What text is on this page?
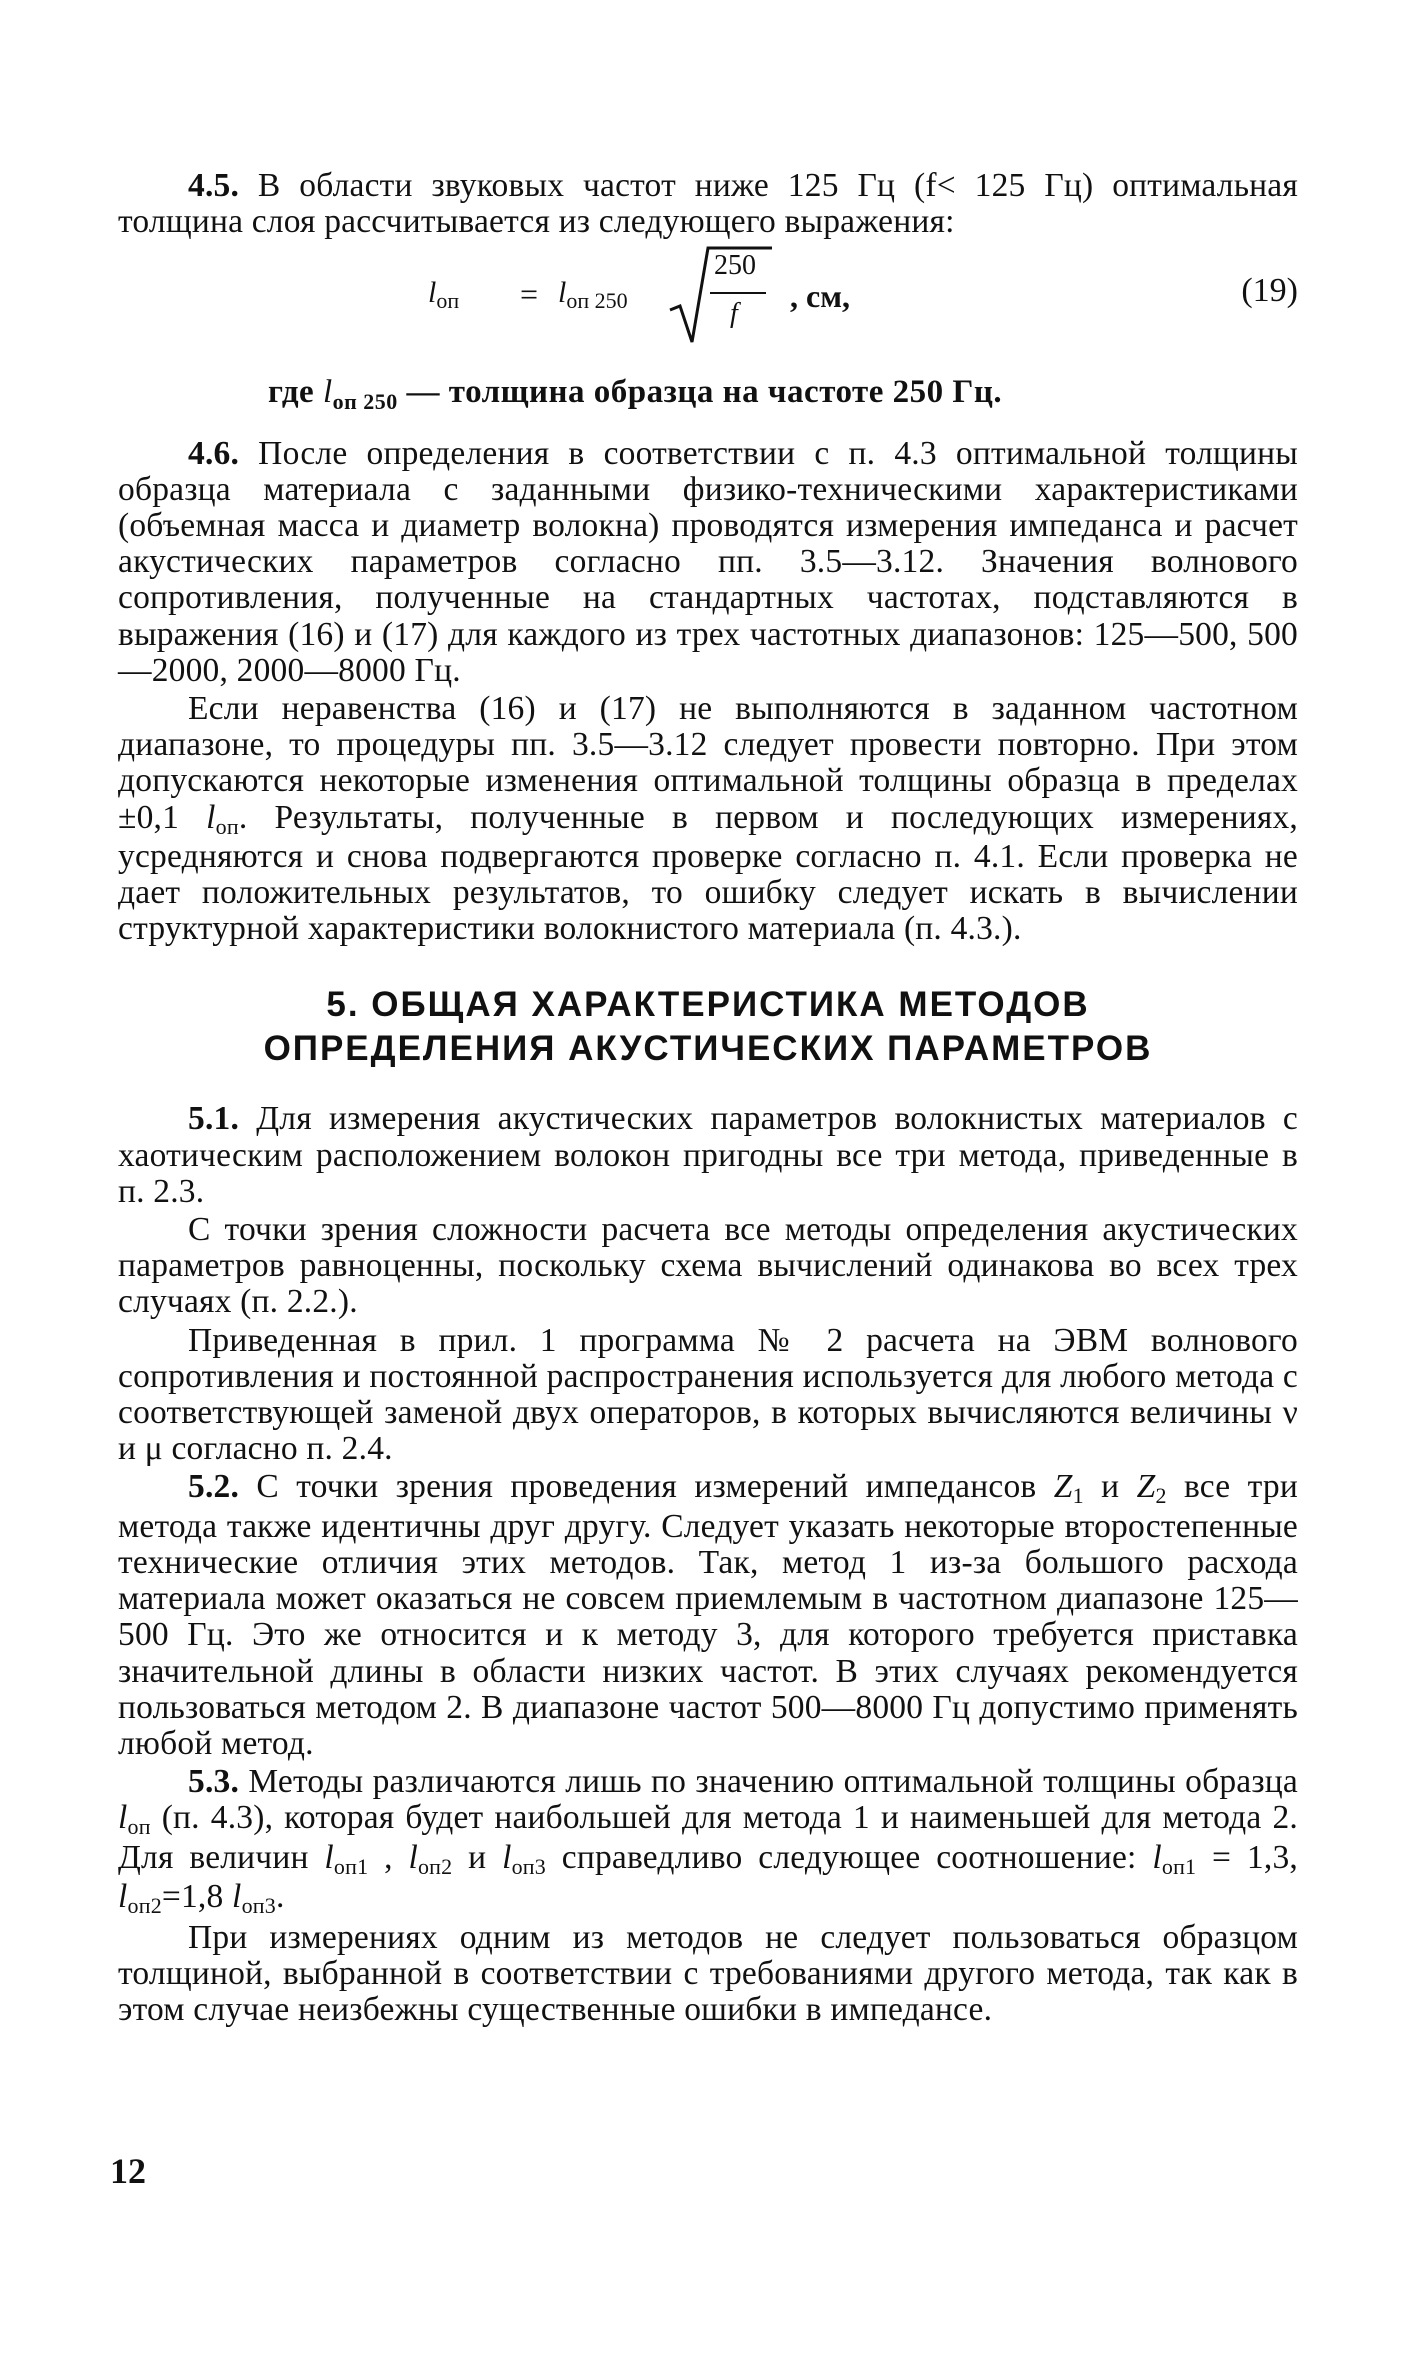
4.5. В области звуковых частот ниже 125 Гц (f< 125 Гц) оптимальная толщина слоя рассчитывается из следующего выражения:

$l_{оп} = l_{оп 250}$
250
f , см,	(19)

где $l_{оп 250}$ — толщина образца на частоте 250 Гц.

4.6. После определения в соответствии с п. 4.3 оптимальной толщины образца материала с заданными физико-техническими характеристиками (объемная масса и диаметр волокна) проводятся измерения импеданса и расчет акустических параметров согласно пп. 3.5—3.12. Значения волнового сопротивления, полученные на стандартных частотах, подставляются в выражения (16) и (17) для каждого из трех частотных диапазонов: 125—500, 500—2000, 2000—8000 Гц.

Если неравенства (16) и (17) не выполняются в заданном частотном диапазоне, то процедуры пп. 3.5—3.12 следует провести повторно. При этом допускаются некоторые изменения оптимальной толщины образца в пределах ±0,1 lоп. Результаты, полученные в первом и последующих измерениях, усредняются и снова подвергаются проверке согласно п. 4.1. Если проверка не дает положительных результатов, то ошибку следует искать в вычислении структурной характеристики волокнистого материала (п. 4.3.).

5. ОБЩАЯ ХАРАКТЕРИСТИКА МЕТОДОВ
ОПРЕДЕЛЕНИЯ АКУСТИЧЕСКИХ ПАРАМЕТРОВ

5.1. Для измерения акустических параметров волокнистых материалов с хаотическим расположением волокон пригодны все три метода, приведенные в п. 2.3.

С точки зрения сложности расчета все методы определения акустических параметров равноценны, поскольку схема вычислений одинакова во всех трех случаях (п. 2.2.).

Приведенная в прил. 1 программа № 2 расчета на ЭВМ волнового сопротивления и постоянной распространения используется для любого метода с соответствующей заменой двух операторов, в которых вычисляются величины ν и μ согласно п. 2.4.

5.2. С точки зрения проведения измерений импедансов Z1 и Z2 все три метода также идентичны друг другу. Следует указать некоторые второстепенные технические отличия этих методов. Так, метод 1 из-за большого расхода материала может оказаться не совсем приемлемым в частотном диапазоне 125—500 Гц. Это же относится и к методу 3, для которого требуется приставка значительной длины в области низких частот. В этих случаях рекомендуется пользоваться методом 2. В диапазоне частот 500—8000 Гц допустимо применять любой метод.

5.3. Методы различаются лишь по значению оптимальной толщины образца lоп (п. 4.3), которая будет наибольшей для метода 1 и наименьшей для метода 2. Для величин lоп1 , lоп2 и lоп3 справедливо следующее соотношение: lоп1 = 1,3, lоп2=1,8 lоп3.

При измерениях одним из методов не следует пользоваться образцом толщиной, выбранной в соответствии с требованиями другого метода, так как в этом случае неизбежны существенные ошибки в импедансе.

12
